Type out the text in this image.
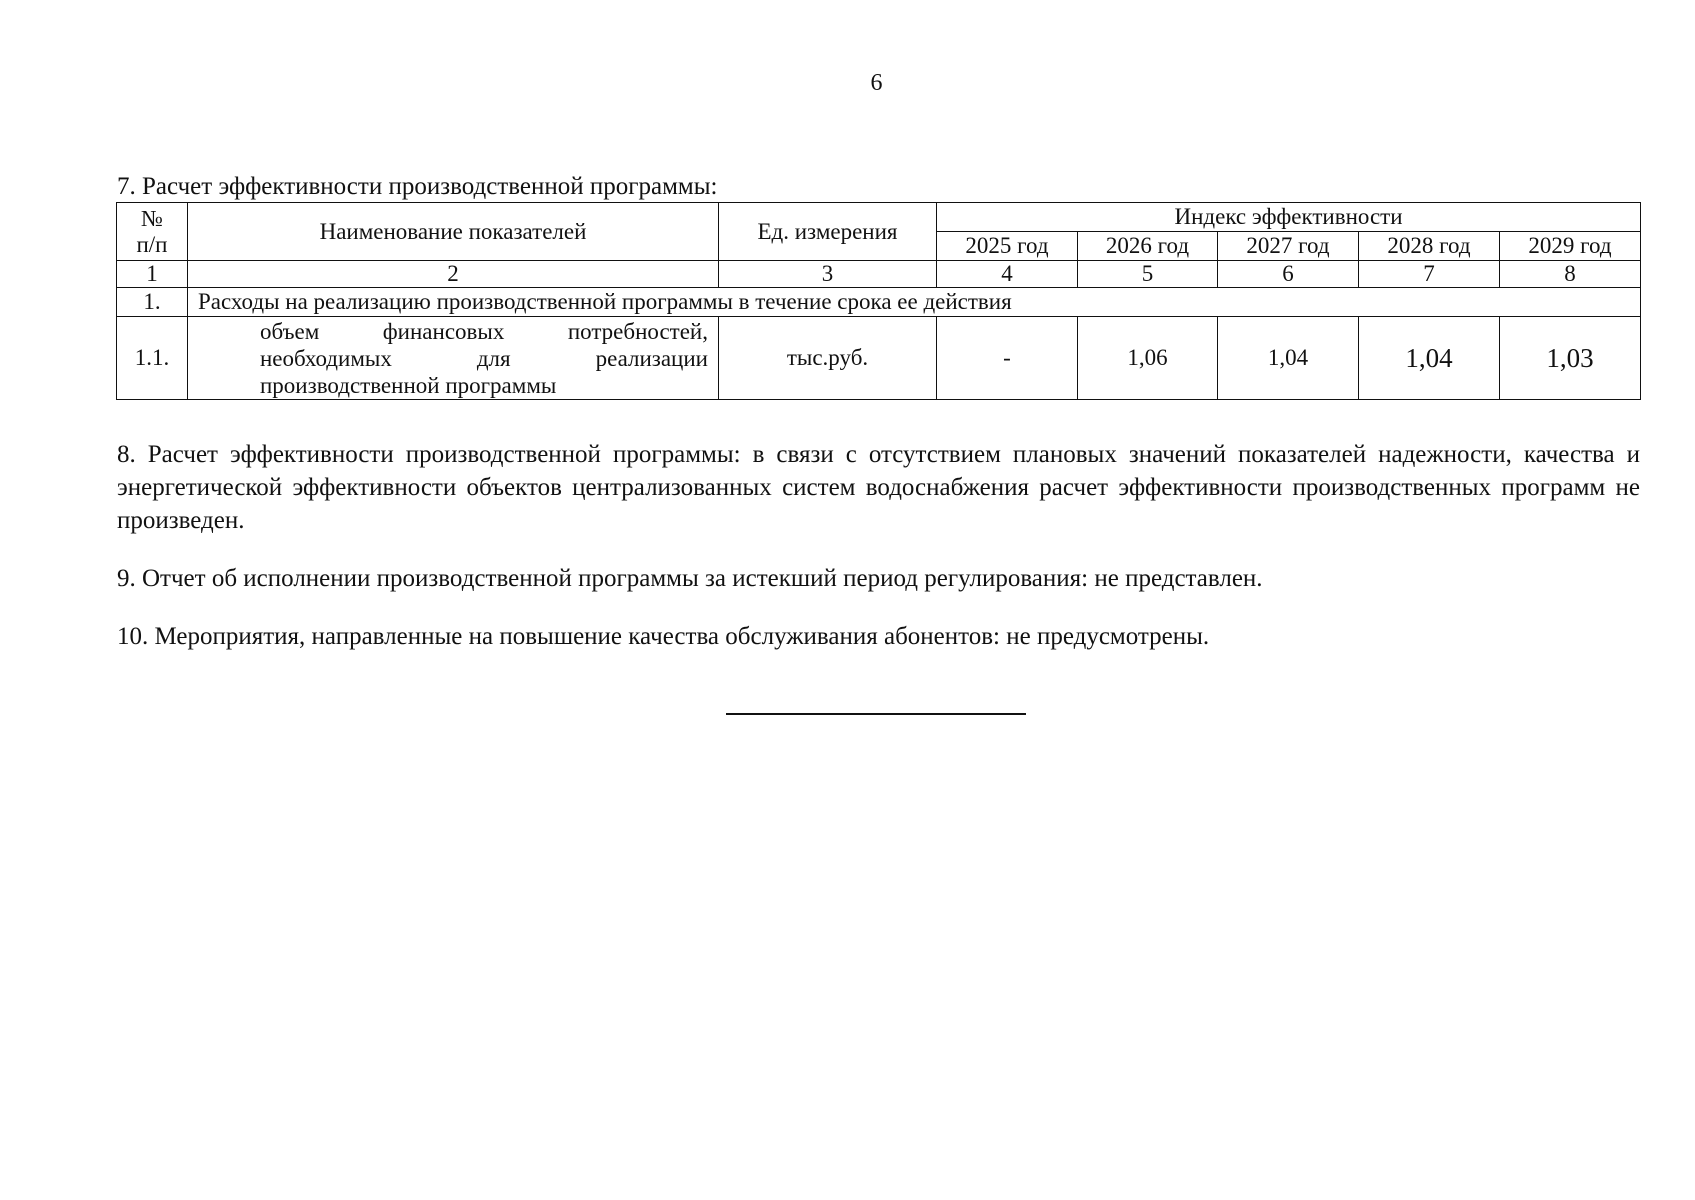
6
7. Расчет эффективности производственной программы:
№
п/п	Наименование показателей	Ед. измерения	Индекс эффективности				
			2025 год	2026 год	2027 год	2028 год	2029 год
1	2	3	4	5	6	7	8
1.	Расходы на реализацию производственной программы в течение срока ее действия						
1.1.	объем финансовых потребностей, необходимых для реализации производственной программы	тыс.руб.	-	1,06	1,04	1,04	1,03
8. Расчет эффективности производственной программы: в связи с отсутствием плановых значений показателей надежности, качества и энергетической эффективности объектов централизованных систем водоснабжения расчет эффективности производственных программ не произведен.
9. Отчет об исполнении производственной программы за истекший период регулирования: не представлен.
10. Мероприятия, направленные на повышение качества обслуживания абонентов: не предусмотрены.
